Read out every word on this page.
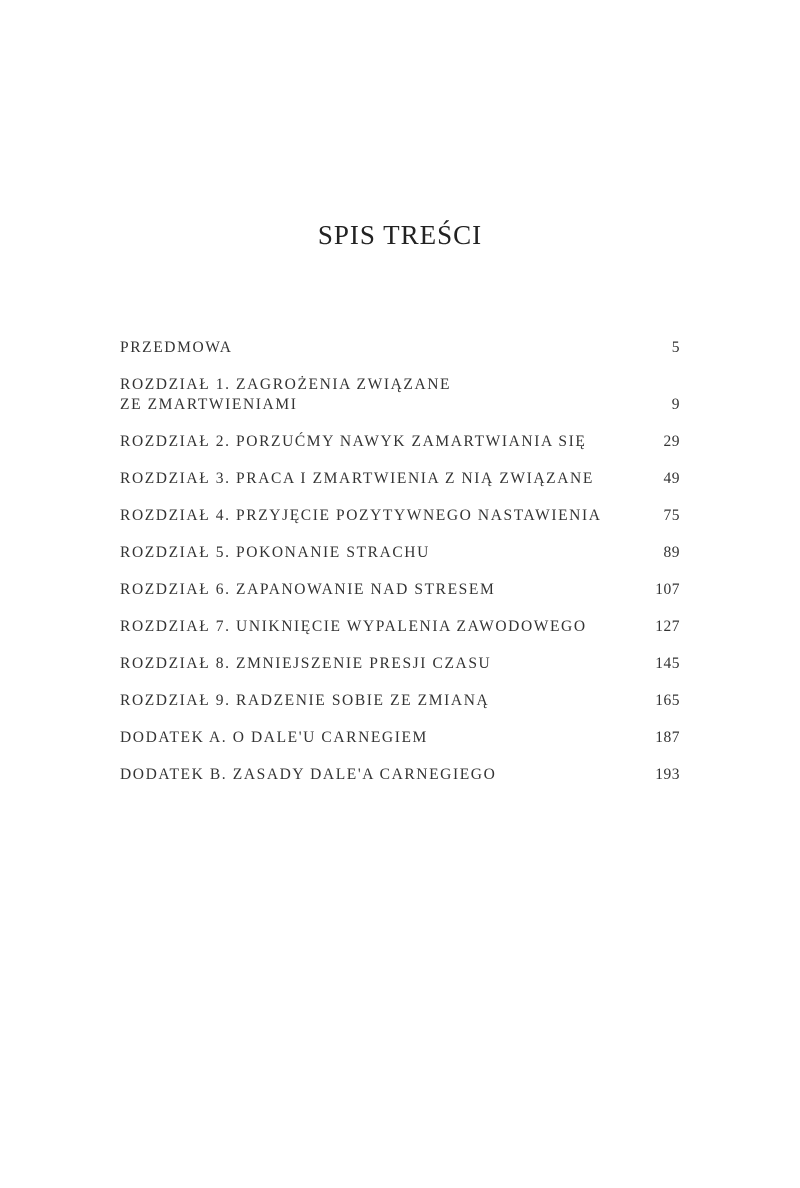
SPIS TREŚCI
PRZEDMOWA	5
ROZDZIAŁ 1. ZAGROŻENIA ZWIĄZANE
ZE ZMARTWIENIAMI	9
ROZDZIAŁ 2. PORZUĆMY NAWYK ZAMARTWIANIA SIĘ	29
ROZDZIAŁ 3. PRACA I ZMARTWIENIA Z NIĄ ZWIĄZANE	49
ROZDZIAŁ 4. PRZYJĘCIE POZYTYWNEGO NASTAWIENIA	75
ROZDZIAŁ 5. POKONANIE STRACHU	89
ROZDZIAŁ 6. ZAPANOWANIE NAD STRESEM	107
ROZDZIAŁ 7. UNIKNIĘCIE WYPALENIA ZAWODOWEGO	127
ROZDZIAŁ 8. ZMNIEJSZENIE PRESJI CZASU	145
ROZDZIAŁ 9. RADZENIE SOBIE ZE ZMIANĄ	165
DODATEK A. O DALE'U CARNEGIEM	187
DODATEK B. ZASADY DALE'A CARNEGIEGO	193
